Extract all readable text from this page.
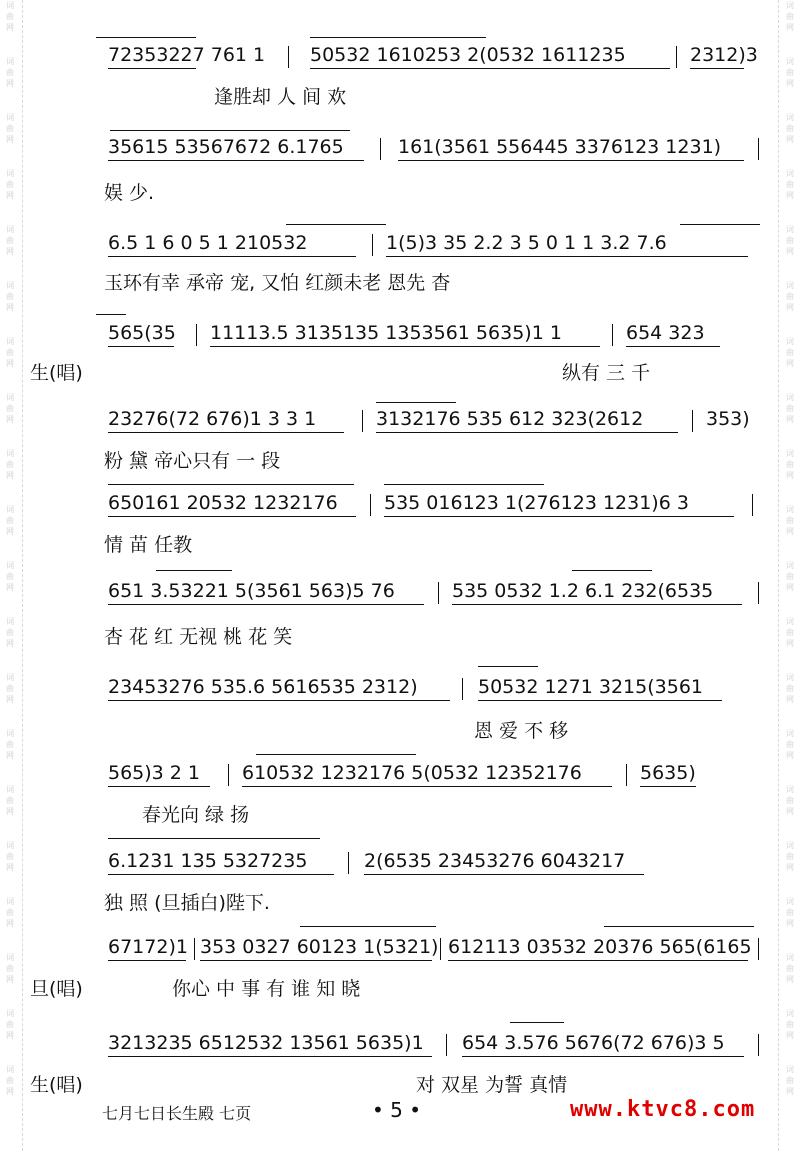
词
曲
网
词
曲
网
词
曲
网
词
曲
网
词
曲
网
词
曲
网
词
曲
网
词
曲
网
词
曲
网
词
曲
网
词
曲
网
词
曲
网
词
曲
网
词
曲
网
词
曲
网
词
曲
网
词
曲
网
词
曲
网
词
曲
网
词
曲
网
词
曲
网
词
曲
网
词
曲
网
词
曲
网
词
曲
网
词
曲
网
词
曲
网
词
曲
网
词
曲
网
词
曲
网
词
曲
网
词
曲
网
词
曲
网
词
曲
网
词
曲
网
词
曲
网
词
曲
网
词
曲
网
词
曲
网
词
曲
网
72353227 761 1 50532 1610253 2(0532 1611235	2312)3
逢胜却 人 间 欢
35615 53567672 6.1765	161(3561 556445 3376123 1231)
娱 少.
6.5 1 6 0 5 1 210532	1(5)3 35 2.2 3 5 0 1 1 3.2 7.6
玉环有幸 承帝 宠, 又怕 红颜未老 恩先 杳
565(35 11113.5 3135135 1353561 5635)1 1	654 323
生(唱)	纵有 三 千
23276(72 676)1 3 3 1	3132176 535 612 323(2612	353)
粉 黛 帝心只有 一 段
650161 20532 1232176 535 016123 1(276123 1231)6 3
情 苗 任教
651 3.53221 5(3561 563)5 76	535 0532 1.2 6.1 232(6535
杏 花 红 无视 桃 花 笑
23453276 535.6 5616535 2312)	50532 1271 3215(3561
恩 爱 不 移
565)3 2 1 610532 1232176 5(0532 12352176	5635)
春光向 绿 扬
6.1231 135 5327235	2(6535 23453276 6043217
独 照 (旦插白)陛下.
67172)1 353 0327 60123 1(5321) 612113 03532 20376 565(6165
旦(唱)	你心 中 事 有 谁 知 晓
3213235 6512532 13561 5635)1 654 3.576 5676(72 676)3 5
生(唱)	对 双星 为誓 真情
七月七日长生殿 七页	• 5 •	www.ktvc8.com
